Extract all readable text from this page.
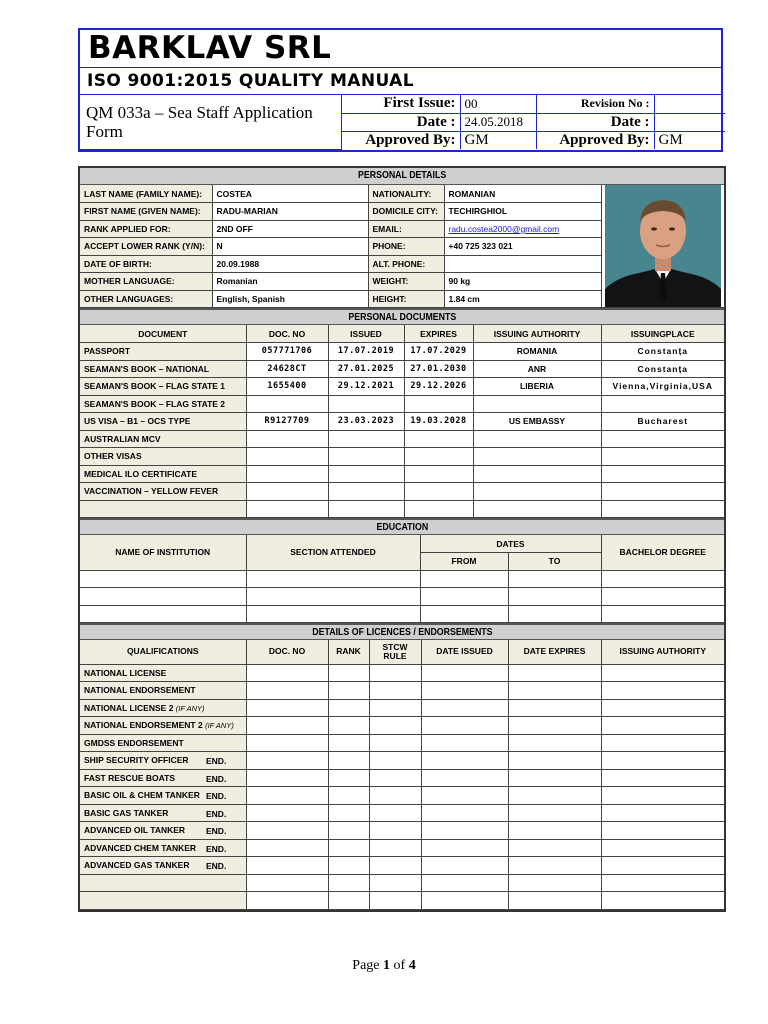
BARKLAV SRL
ISO 9001:2015 QUALITY MANUAL
QM 033a – Sea Staff Application Form	First Issue:	00	Revision No :	
	Date :	24.05.2018	Date :	
	Approved By:	GM	Approved By:	GM
PERSONAL DETAILS
LAST NAME (FAMILY NAME):	COSTEA	NATIONALITY:	ROMANIAN	

FIRST NAME (GIVEN NAME):	RADU-MARIAN	DOMICILE CITY:	TECHIRGHIOL	
RANK APPLIED FOR:	2ND OFF	EMAIL:	radu.costea2000@gmail.com	
ACCEPT LOWER RANK (Y/N):	N	PHONE:	+40 725 323 021	
DATE OF BIRTH:	20.09.1988	ALT. PHONE:		
MOTHER LANGUAGE:	Romanian	WEIGHT:	90 kg	
OTHER LANGUAGES:	English, Spanish	HEIGHT:	1.84 cm	
PERSONAL DOCUMENTS
DOCUMENT	DOC. NO	ISSUED	EXPIRES	ISSUING AUTHORITY	ISSUINGPLACE
PASSPORT	057771706	17.07.2019	17.07.2029	ROMANIA	Constanța
SEAMAN'S BOOK – NATIONAL	24628CT	27.01.2025	27.01.2030	ANR	Constanța
SEAMAN'S BOOK – FLAG STATE 1	1655400	29.12.2021	29.12.2026	LIBERIA	Vienna,Virginia,USA
SEAMAN'S BOOK – FLAG STATE 2					
US VISA – B1 – OCS TYPE	R9127709	23.03.2023	19.03.2028	US EMBASSY	Bucharest
AUSTRALIAN MCV					
OTHER VISAS					
MEDICAL ILO CERTIFICATE					
VACCINATION – YELLOW FEVER					

EDUCATION
NAME OF INSTITUTION	SECTION ATTENDED	DATES		BACHELOR DEGREE
		FROM	TO	

DETAILS OF LICENCES / ENDORSEMENTS
QUALIFICATIONS	DOC. NO	RANK	STCW RULE	DATE ISSUED	DATE EXPIRES	ISSUING AUTHORITY
NATIONAL LICENSE						
NATIONAL ENDORSEMENT						
NATIONAL LICENSE 2 (IF ANY)						
NATIONAL ENDORSEMENT 2 (IF ANY)						
GMDSS ENDORSEMENT						
SHIP SECURITY OFFICER END.						

FAST RESCUE BOATS END.						

BASIC OIL & CHEM TANKER END.						

BASIC GAS TANKER END.						

ADVANCED OIL TANKER END.						

ADVANCED CHEM TANKER END.						

ADVANCED GAS TANKER END.						

Page 1 of 4
